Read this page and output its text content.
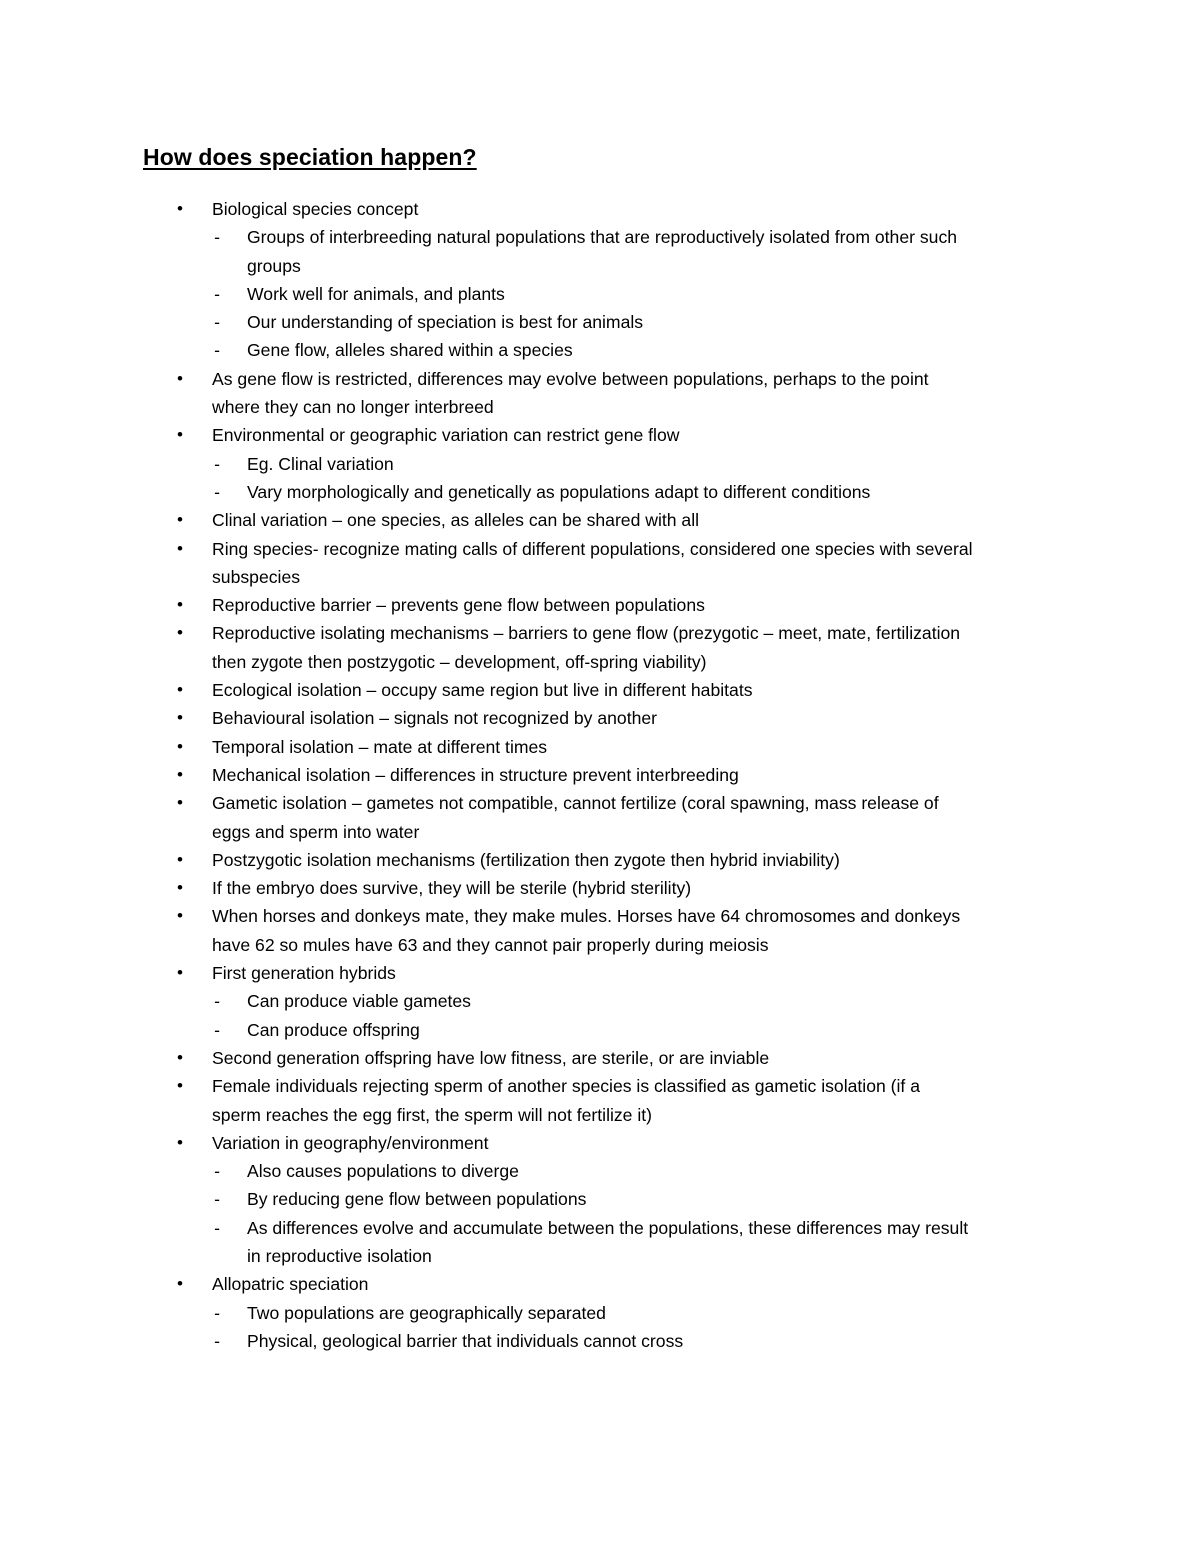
How does speciation happen?
• Biological species concept
- Groups of interbreeding natural populations that are reproductively isolated from other such
groups
- Work well for animals, and plants
- Our understanding of speciation is best for animals
- Gene flow, alleles shared within a species
• As gene flow is restricted, differences may evolve between populations, perhaps to the point
where they can no longer interbreed
• Environmental or geographic variation can restrict gene flow
- Eg. Clinal variation
- Vary morphologically and genetically as populations adapt to different conditions
• Clinal variation – one species, as alleles can be shared with all
• Ring species- recognize mating calls of different populations, considered one species with several
subspecies
• Reproductive barrier – prevents gene flow between populations
• Reproductive isolating mechanisms – barriers to gene flow (prezygotic – meet, mate, fertilization
then zygote then postzygotic – development, off-spring viability)
• Ecological isolation – occupy same region but live in different habitats
• Behavioural isolation – signals not recognized by another
• Temporal isolation – mate at different times
• Mechanical isolation – differences in structure prevent interbreeding
• Gametic isolation – gametes not compatible, cannot fertilize (coral spawning, mass release of
eggs and sperm into water
• Postzygotic isolation mechanisms (fertilization then zygote then hybrid inviability)
• If the embryo does survive, they will be sterile (hybrid sterility)
• When horses and donkeys mate, they make mules. Horses have 64 chromosomes and donkeys
have 62 so mules have 63 and they cannot pair properly during meiosis
• First generation hybrids
- Can produce viable gametes
- Can produce offspring
• Second generation offspring have low fitness, are sterile, or are inviable
• Female individuals rejecting sperm of another species is classified as gametic isolation (if a
sperm reaches the egg first, the sperm will not fertilize it)
• Variation in geography/environment
- Also causes populations to diverge
- By reducing gene flow between populations
- As differences evolve and accumulate between the populations, these differences may result
in reproductive isolation
• Allopatric speciation
- Two populations are geographically separated
- Physical, geological barrier that individuals cannot cross
